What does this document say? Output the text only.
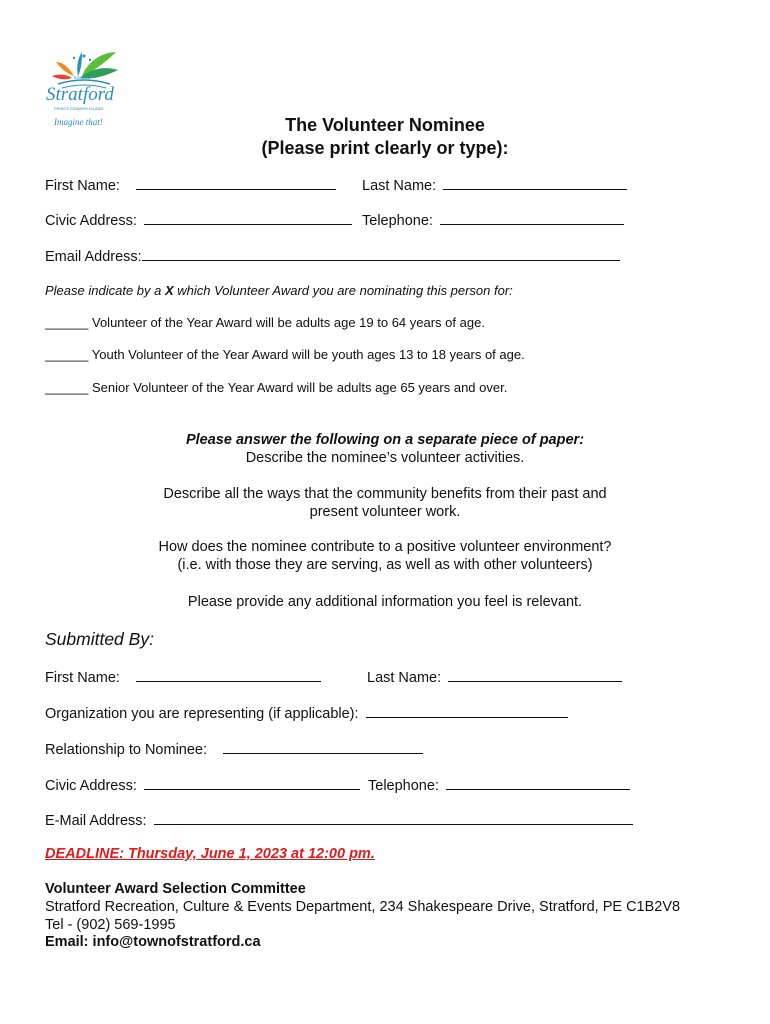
town of
Stratford
PRINCE EDWARD ISLAND
Imagine that!	The Volunteer Nominee
(Please print clearly or type):
First Name:	Last Name:
Civic Address:	Telephone:
Email Address:
Please indicate by a X which Volunteer Award you are nominating this person for:
______ Volunteer of the Year Award will be adults age 19 to 64 years of age.
______ Youth Volunteer of the Year Award will be youth ages 13 to 18 years of age.
______ Senior Volunteer of the Year Award will be adults age 65 years and over.
Please answer the following on a separate piece of paper:
Describe the nominee’s volunteer activities.
Describe all the ways that the community benefits from their past and
present volunteer work.
How does the nominee contribute to a positive volunteer environment?
(i.e. with those they are serving, as well as with other volunteers)
Please provide any additional information you feel is relevant.
Submitted By:
First Name:	Last Name:
Organization you are representing (if applicable):
Relationship to Nominee:
Civic Address:	Telephone:
E-Mail Address:
DEADLINE: Thursday, June 1, 2023 at 12:00 pm.
Volunteer Award Selection Committee
Stratford Recreation, Culture & Events Department, 234 Shakespeare Drive, Stratford, PE C1B2V8
Tel - (902) 569-1995
Email: info@townofstratford.ca
